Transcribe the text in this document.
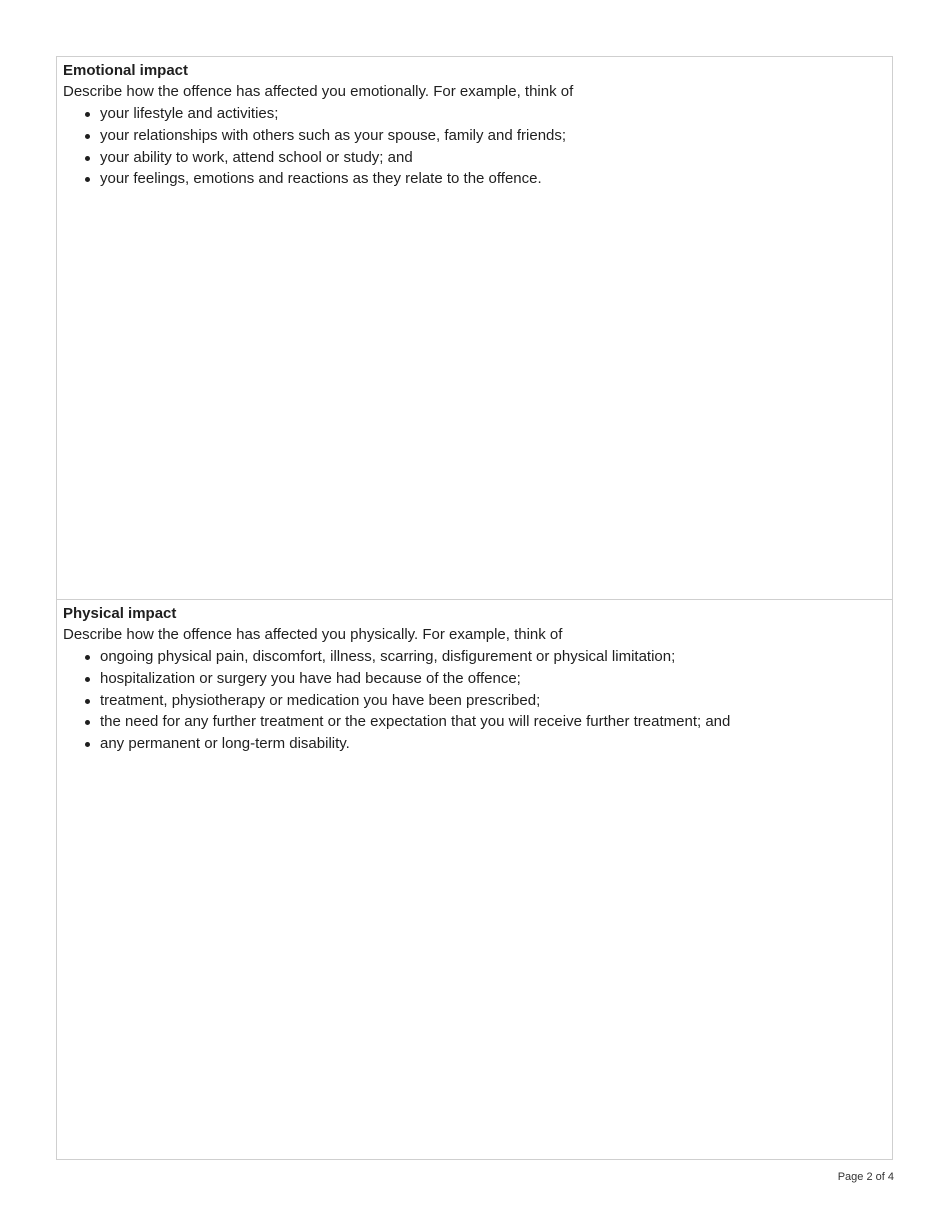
Emotional impact

Describe how the offence has affected you emotionally. For example, think of

your lifestyle and activities;
your relationships with others such as your spouse, family and friends;
your ability to work, attend school or study; and
your feelings, emotions and reactions as they relate to the offence.

Physical impact

Describe how the offence has affected you physically. For example, think of

ongoing physical pain, discomfort, illness, scarring, disfigurement or physical limitation;
hospitalization or surgery you have had because of the offence;
treatment, physiotherapy or medication you have been prescribed;
the need for any further treatment or the expectation that you will receive further treatment; and
any permanent or long-term disability.
Page 2 of 4
